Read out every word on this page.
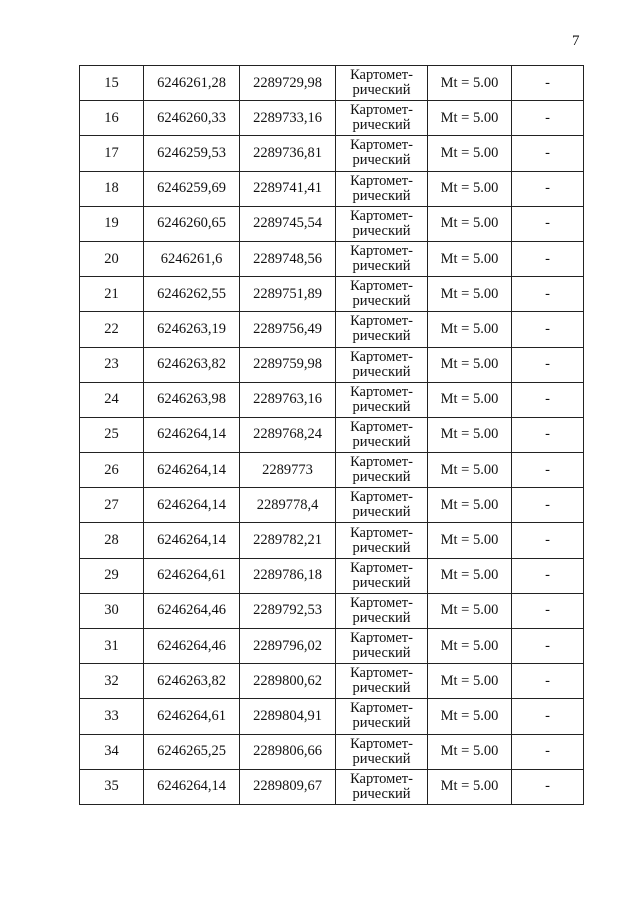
7
15	6246261,28	2289729,98	Картомет-
рический	Mt = 5.00	-
16	6246260,33	2289733,16	Картомет-
рический	Mt = 5.00	-
17	6246259,53	2289736,81	Картомет-
рический	Mt = 5.00	-
18	6246259,69	2289741,41	Картомет-
рический	Mt = 5.00	-
19	6246260,65	2289745,54	Картомет-
рический	Mt = 5.00	-
20	6246261,6	2289748,56	Картомет-
рический	Mt = 5.00	-
21	6246262,55	2289751,89	Картомет-
рический	Mt = 5.00	-
22	6246263,19	2289756,49	Картомет-
рический	Mt = 5.00	-
23	6246263,82	2289759,98	Картомет-
рический	Mt = 5.00	-
24	6246263,98	2289763,16	Картомет-
рический	Mt = 5.00	-
25	6246264,14	2289768,24	Картомет-
рический	Mt = 5.00	-
26	6246264,14	2289773	Картомет-
рический	Mt = 5.00	-
27	6246264,14	2289778,4	Картомет-
рический	Mt = 5.00	-
28	6246264,14	2289782,21	Картомет-
рический	Mt = 5.00	-
29	6246264,61	2289786,18	Картомет-
рический	Mt = 5.00	-
30	6246264,46	2289792,53	Картомет-
рический	Mt = 5.00	-
31	6246264,46	2289796,02	Картомет-
рический	Mt = 5.00	-
32	6246263,82	2289800,62	Картомет-
рический	Mt = 5.00	-
33	6246264,61	2289804,91	Картомет-
рический	Mt = 5.00	-
34	6246265,25	2289806,66	Картомет-
рический	Mt = 5.00	-
35	6246264,14	2289809,67	Картомет-
рический	Mt = 5.00	-
